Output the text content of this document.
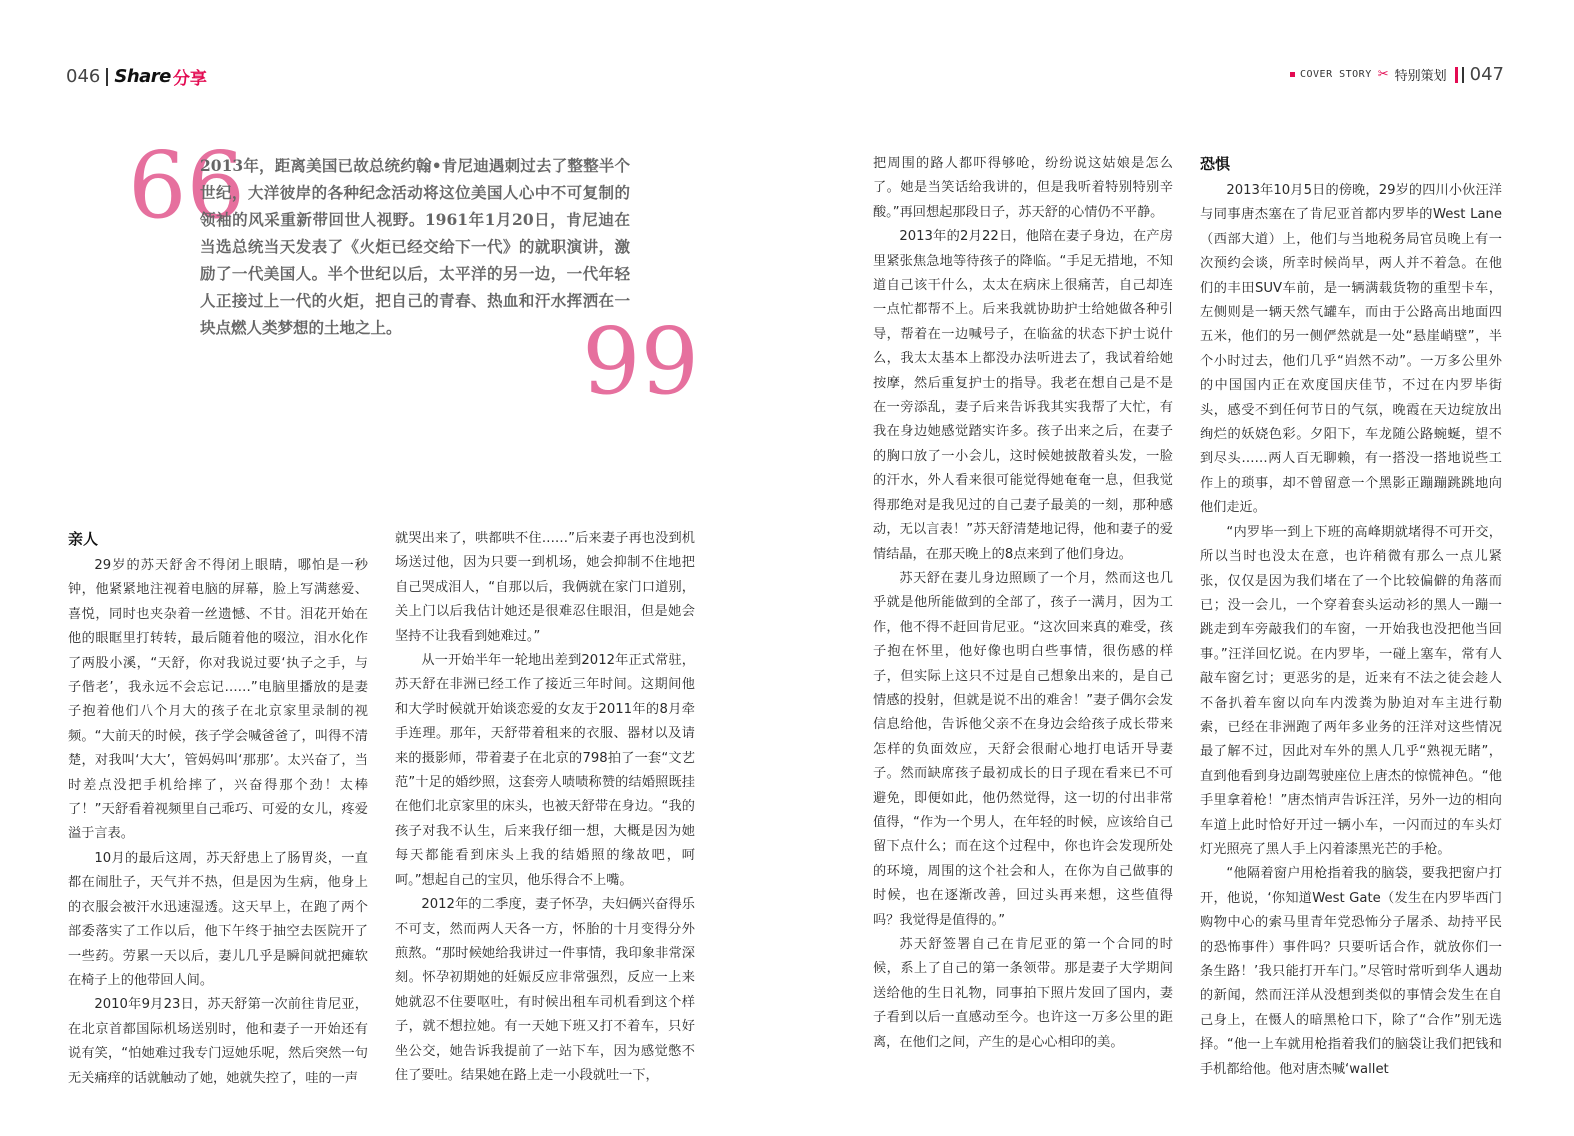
046 Share 分享	COVER STORY ✂ 特别策划 047
66
2013年，距离美国已故总统约翰•肯尼迪遇刺过去了整整半个世纪，大洋彼岸的各种纪念活动将这位美国人心中不可复制的领袖的风采重新带回世人视野。1961年1月20日，肯尼迪在当选总统当天发表了《火炬已经交给下一代》的就职演讲，激励了一代美国人。半个世纪以后，太平洋的另一边，一代年轻人正接过上一代的火炬，把自己的青春、热血和汗水挥洒在一块点燃人类梦想的土地之上。	99
亲人

29岁的苏天舒舍不得闭上眼睛，哪怕是一秒钟，他紧紧地注视着电脑的屏幕，脸上写满慈爱、喜悦，同时也夹杂着一丝遗憾、不甘。泪花开始在他的眼眶里打转转，最后随着他的啜泣，泪水化作了两股小溪，“天舒，你对我说过要‘执子之手，与子偕老’，我永远不会忘记……”电脑里播放的是妻子抱着他们八个月大的孩子在北京家里录制的视频。“大前天的时候，孩子学会喊爸爸了，叫得不清楚，对我叫‘大大’，管妈妈叫‘那那’。太兴奋了，当时差点没把手机给摔了，兴奋得那个劲！太棒了！”天舒看着视频里自己乖巧、可爱的女儿，疼爱溢于言表。

10月的最后这周，苏天舒患上了肠胃炎，一直都在闹肚子，天气并不热，但是因为生病，他身上的衣服会被汗水迅速湿透。这天早上，在跑了两个部委落实了工作以后，他下午终于抽空去医院开了一些药。劳累一天以后，妻儿几乎是瞬间就把瘫软在椅子上的他带回人间。

2010年9月23日，苏天舒第一次前往肯尼亚，在北京首都国际机场送别时，他和妻子一开始还有说有笑，“怕她难过我专门逗她乐呢，然后突然一句无关痛痒的话就触动了她，她就失控了，哇的一声

就哭出来了，哄都哄不住……”后来妻子再也没到机场送过他，因为只要一到机场，她会抑制不住地把自己哭成泪人，“自那以后，我俩就在家门口道别，关上门以后我估计她还是很难忍住眼泪，但是她会坚持不让我看到她难过。”

从一开始半年一轮地出差到2012年正式常驻，苏天舒在非洲已经工作了接近三年时间。这期间他和大学时候就开始谈恋爱的女友于2011年的8月牵手连理。那年，天舒带着租来的衣服、器材以及请来的摄影师，带着妻子在北京的798拍了一套“文艺范”十足的婚纱照，这套旁人啧啧称赞的结婚照既挂在他们北京家里的床头，也被天舒带在身边。“我的孩子对我不认生，后来我仔细一想，大概是因为她每天都能看到床头上我的结婚照的缘故吧，呵呵。”想起自己的宝贝，他乐得合不上嘴。

2012年的二季度，妻子怀孕，夫妇俩兴奋得乐不可支，然而两人天各一方，怀胎的十月变得分外煎熬。“那时候她给我讲过一件事情，我印象非常深刻。怀孕初期她的妊娠反应非常强烈，反应一上来她就忍不住要呕吐，有时候出租车司机看到这个样子，就不想拉她。有一天她下班又打不着车，只好坐公交，她告诉我提前了一站下车，因为感觉憋不住了要吐。结果她在路上走一小段就吐一下，

把周围的路人都吓得够呛，纷纷说这姑娘是怎么了。她是当笑话给我讲的，但是我听着特别特别辛酸。”再回想起那段日子，苏天舒的心情仍不平静。

2013年的2月22日，他陪在妻子身边，在产房里紧张焦急地等待孩子的降临。“手足无措地，不知道自己该干什么，太太在病床上很痛苦，自己却连一点忙都帮不上。后来我就协助护士给她做各种引导，帮着在一边喊号子，在临盆的状态下护士说什么，我太太基本上都没办法听进去了，我试着给她按摩，然后重复护士的指导。我老在想自己是不是在一旁添乱，妻子后来告诉我其实我帮了大忙，有我在身边她感觉踏实许多。孩子出来之后，在妻子的胸口放了一小会儿，这时候她披散着头发，一脸的汗水，外人看来很可能觉得她奄奄一息，但我觉得那绝对是我见过的自己妻子最美的一刻，那种感动，无以言表！”苏天舒清楚地记得，他和妻子的爱情结晶，在那天晚上的8点来到了他们身边。

苏天舒在妻儿身边照顾了一个月，然而这也几乎就是他所能做到的全部了，孩子一满月，因为工作，他不得不赶回肯尼亚。“这次回来真的难受，孩子抱在怀里，他好像也明白些事情，很伤感的样子，但实际上这只不过是自己想象出来的，是自己情感的投射，但就是说不出的难舍！”妻子偶尔会发信息给他，告诉他父亲不在身边会给孩子成长带来怎样的负面效应，天舒会很耐心地打电话开导妻子。然而缺席孩子最初成长的日子现在看来已不可避免，即便如此，他仍然觉得，这一切的付出非常值得，“作为一个男人，在年轻的时候，应该给自己留下点什么；而在这个过程中，你也许会发现所处的环境，周围的这个社会和人，在你为自己做事的时候，也在逐渐改善，回过头再来想，这些值得吗？我觉得是值得的。”

苏天舒签署自己在肯尼亚的第一个合同的时候，系上了自己的第一条领带。那是妻子大学期间送给他的生日礼物，同事拍下照片发回了国内，妻子看到以后一直感动至今。也许这一万多公里的距离，在他们之间，产生的是心心相印的美。

恐惧

2013年10月5日的傍晚，29岁的四川小伙汪洋与同事唐杰塞在了肯尼亚首都内罗毕的West Lane（西部大道）上，他们与当地税务局官员晚上有一次预约会谈，所幸时候尚早，两人并不着急。在他们的丰田SUV车前，是一辆满载货物的重型卡车，左侧则是一辆天然气罐车，而由于公路高出地面四五米，他们的另一侧俨然就是一处“悬崖峭壁”，半个小时过去，他们几乎“岿然不动”。一万多公里外的中国国内正在欢度国庆佳节，不过在内罗毕街头，感受不到任何节日的气氛，晚霞在天边绽放出绚烂的妖娆色彩。夕阳下，车龙随公路蜿蜒，望不到尽头……两人百无聊赖，有一搭没一搭地说些工作上的琐事，却不曾留意一个黑影正蹦蹦跳跳地向他们走近。

“内罗毕一到上下班的高峰期就堵得不可开交，所以当时也没太在意，也许稍微有那么一点儿紧张，仅仅是因为我们堵在了一个比较偏僻的角落而已；没一会儿，一个穿着套头运动衫的黑人一蹦一跳走到车旁敲我们的车窗，一开始我也没把他当回事。”汪洋回忆说。在内罗毕，一碰上塞车，常有人敲车窗乞讨；更恶劣的是，近来有不法之徒会趁人不备扒着车窗以向车内泼粪为胁迫对车主进行勒索，已经在非洲跑了两年多业务的汪洋对这些情况最了解不过，因此对车外的黑人几乎“熟视无睹”，直到他看到身边副驾驶座位上唐杰的惊慌神色。“他手里拿着枪！”唐杰悄声告诉汪洋，另外一边的相向车道上此时恰好开过一辆小车，一闪而过的车头灯灯光照亮了黑人手上闪着漆黑光芒的手枪。

“他隔着窗户用枪指着我的脑袋，要我把窗户打开，他说，‘你知道West Gate（发生在内罗毕西门购物中心的索马里青年党恐怖分子屠杀、劫持平民的恐怖事件）事件吗？只要听话合作，就放你们一条生路！’我只能打开车门。”尽管时常听到华人遇劫的新闻，然而汪洋从没想到类似的事情会发生在自己身上，在慑人的暗黑枪口下，除了“合作”别无选择。“他一上车就用枪指着我们的脑袋让我们把钱和手机都给他。他对唐杰喊‘wallet
